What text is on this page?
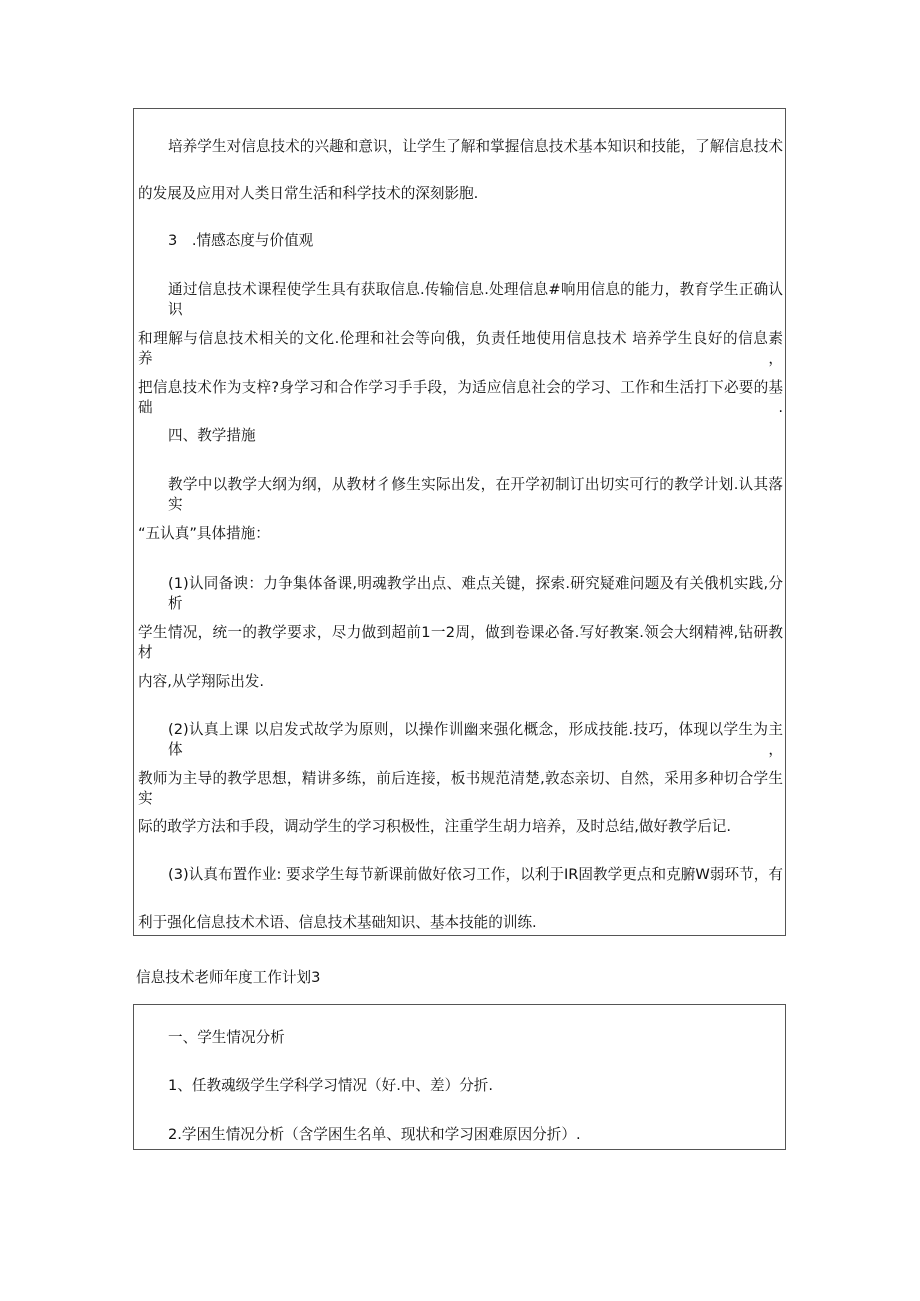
培养学生对信息技术的兴趣和意识，让学生了解和掌握信息技术基本知识和技能，了解信息技术
的发展及应用对人类日常生活和科学技术的深刻影胞.
3　.情感态度与价值观
通过信息技术课程使学生具有获取信息.传输信息.处理信息#响用信息的能力，教育学生正确认识
和理解与信息技术相关的文化.伦理和社会等向俄，负责任地使用信息技术 培养学生良好的信息素养，
把信息技术作为支梓?身学习和合作学习手手段，为适应信息社会的学习、工作和生活打下必要的基础.
四、教学措施
教学中以教学大纲为纲，从教材彳修生实际出发，在开学初制订出切实可行的教学计划.认其落实
“五认真”具体措施：
(1)认同备谀：力争集体备课,明魂教学出点、难点关键，探索.研究疑难问题及有关俄机实践,分析
学生情况，统一的教学要求，尽力做到超前1一2周，做到卷课必备.写好教案.领会大纲精裨,钻研教材
内容,从学翔际出发.
(2)认真上课 以启发式故学为原则，以操作训幽来强化概念，形成技能.技巧，体现以学生为主体，
教师为主导的教学思想，精讲多练，前后连接，板书规范清楚,敦态亲切、自然，采用多种切合学生实
际的敢学方法和手段，调动学生的学习积极性，注重学生胡力培养，及时总结,做好教学后记.
(3)认真布置作业: 要求学生每节新课前做好依习工作，以利于IR固教学更点和克腑W弱环节，有
利于强化信息技术术语、信息技术基础知识、基本技能的训练.
信息技术老师年度工作计划3
一、学生情况分析
1、任教魂级学生学科学习情况（好.中、差）分折.
2.学困生情况分析（含学困生名单、现状和学习困难原因分折）.
